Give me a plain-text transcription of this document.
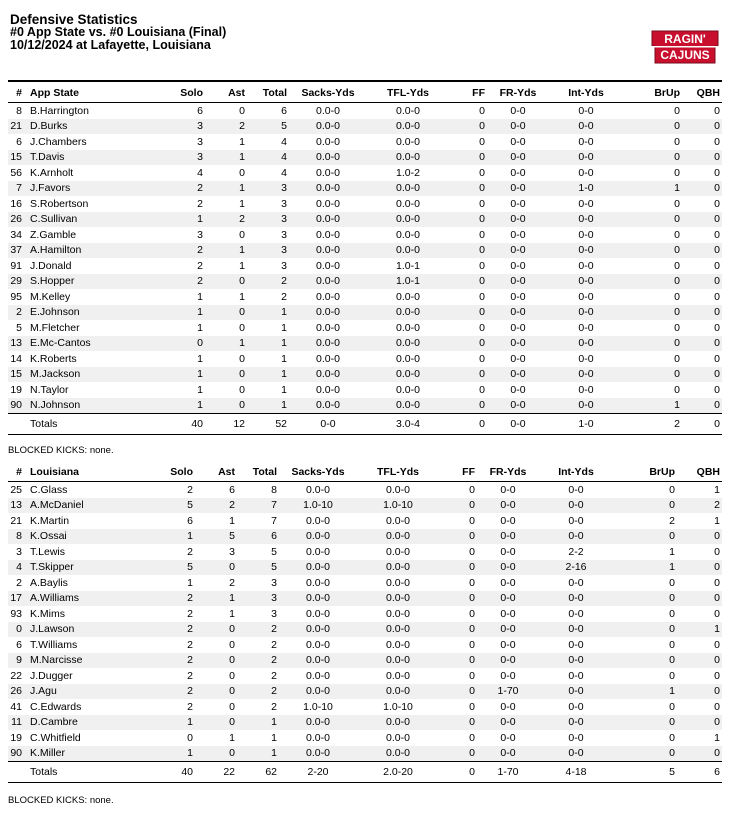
Defensive Statistics
#0 App State vs. #0 Louisiana (Final)
10/12/2024 at Lafayette, Louisiana	RAGIN'
CAJUNS
#	App State	Solo	Ast	Total	Sacks-Yds	TFL-Yds	FF	FR-Yds	Int-Yds	BrUp	QBH
8	B.Harrington	6	0	6	0.0-0	0.0-0	0	0-0	0-0	0	0
21	D.Burks	3	2	5	0.0-0	0.0-0	0	0-0	0-0	0	0
6	J.Chambers	3	1	4	0.0-0	0.0-0	0	0-0	0-0	0	0
15	T.Davis	3	1	4	0.0-0	0.0-0	0	0-0	0-0	0	0
56	K.Arnholt	4	0	4	0.0-0	1.0-2	0	0-0	0-0	0	0
7	J.Favors	2	1	3	0.0-0	0.0-0	0	0-0	1-0	1	0
16	S.Robertson	2	1	3	0.0-0	0.0-0	0	0-0	0-0	0	0
26	C.Sullivan	1	2	3	0.0-0	0.0-0	0	0-0	0-0	0	0
34	Z.Gamble	3	0	3	0.0-0	0.0-0	0	0-0	0-0	0	0
37	A.Hamilton	2	1	3	0.0-0	0.0-0	0	0-0	0-0	0	0
91	J.Donald	2	1	3	0.0-0	1.0-1	0	0-0	0-0	0	0
29	S.Hopper	2	0	2	0.0-0	1.0-1	0	0-0	0-0	0	0
95	M.Kelley	1	1	2	0.0-0	0.0-0	0	0-0	0-0	0	0
2	E.Johnson	1	0	1	0.0-0	0.0-0	0	0-0	0-0	0	0
5	M.Fletcher	1	0	1	0.0-0	0.0-0	0	0-0	0-0	0	0
13	E.Mc-Cantos	0	1	1	0.0-0	0.0-0	0	0-0	0-0	0	0
14	K.Roberts	1	0	1	0.0-0	0.0-0	0	0-0	0-0	0	0
15	M.Jackson	1	0	1	0.0-0	0.0-0	0	0-0	0-0	0	0
19	N.Taylor	1	0	1	0.0-0	0.0-0	0	0-0	0-0	0	0
90	N.Johnson	1	0	1	0.0-0	0.0-0	0	0-0	0-0	1	0
	Totals	40	12	52	0-0	3.0-4	0	0-0	1-0	2	0
BLOCKED KICKS: none.
#	Louisiana	Solo	Ast	Total	Sacks-Yds	TFL-Yds	FF	FR-Yds	Int-Yds	BrUp	QBH
25	C.Glass	2	6	8	0.0-0	0.0-0	0	0-0	0-0	0	1
13	A.McDaniel	5	2	7	1.0-10	1.0-10	0	0-0	0-0	0	2
21	K.Martin	6	1	7	0.0-0	0.0-0	0	0-0	0-0	2	1
8	K.Ossai	1	5	6	0.0-0	0.0-0	0	0-0	0-0	0	0
3	T.Lewis	2	3	5	0.0-0	0.0-0	0	0-0	2-2	1	0
4	T.Skipper	5	0	5	0.0-0	0.0-0	0	0-0	2-16	1	0
2	A.Baylis	1	2	3	0.0-0	0.0-0	0	0-0	0-0	0	0
17	A.Williams	2	1	3	0.0-0	0.0-0	0	0-0	0-0	0	0
93	K.Mims	2	1	3	0.0-0	0.0-0	0	0-0	0-0	0	0
0	J.Lawson	2	0	2	0.0-0	0.0-0	0	0-0	0-0	0	1
6	T.Williams	2	0	2	0.0-0	0.0-0	0	0-0	0-0	0	0
9	M.Narcisse	2	0	2	0.0-0	0.0-0	0	0-0	0-0	0	0
22	J.Dugger	2	0	2	0.0-0	0.0-0	0	0-0	0-0	0	0
26	J.Agu	2	0	2	0.0-0	0.0-0	0	1-70	0-0	1	0
41	C.Edwards	2	0	2	1.0-10	1.0-10	0	0-0	0-0	0	0
11	D.Cambre	1	0	1	0.0-0	0.0-0	0	0-0	0-0	0	0
19	C.Whitfield	0	1	1	0.0-0	0.0-0	0	0-0	0-0	0	1
90	K.Miller	1	0	1	0.0-0	0.0-0	0	0-0	0-0	0	0
	Totals	40	22	62	2-20	2.0-20	0	1-70	4-18	5	6
BLOCKED KICKS: none.
